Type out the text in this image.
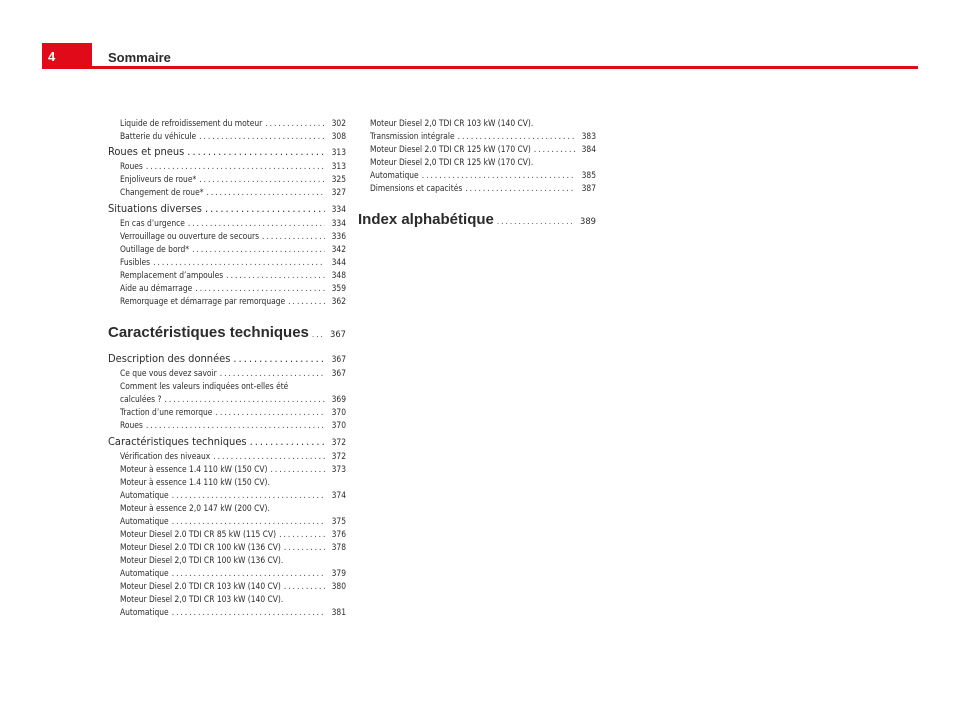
4	Sommaire
Liquide de refroidissement du moteur .....	302
Batterie du véhicule .....	308
Roues et pneus .....	313
Roues .....	313
Enjoliveurs de roue* .....	325
Changement de roue* .....	327
Situations diverses .....	334
En cas d’urgence .....	334
Verrouillage ou ouverture de secours .....	336
Outillage de bord* .....	342
Fusibles .....	344
Remplacement d’ampoules .....	348
Aide au démarrage .....	359
Remorquage et démarrage par remorquage .....	362
Caractéristiques techniques .....	367
Description des données .....	367
Ce que vous devez savoir .....	367
Comment les valeurs indiquées ont-elles été
calculées ? .....	369
Traction d’une remorque .....	370
Roues .....	370
Caractéristiques techniques .....	372
Vérification des niveaux .....	372
Moteur à essence 1.4 110 kW (150 CV) .....	373
Moteur à essence 1.4 110 kW (150 CV).
Automatique .....	374
Moteur à essence 2,0 147 kW (200 CV).
Automatique .....	375
Moteur Diesel 2.0 TDI CR 85 kW (115 CV) .....	376
Moteur Diesel 2.0 TDI CR 100 kW (136 CV) .....	378
Moteur Diesel 2,0 TDI CR 100 kW (136 CV).
Automatique .....	379
Moteur Diesel 2.0 TDI CR 103 kW (140 CV) .....	380
Moteur Diesel 2,0 TDI CR 103 kW (140 CV).
Automatique .....	381
Moteur Diesel 2,0 TDI CR 103 kW (140 CV).
Transmission intégrale .....	383
Moteur Diesel 2.0 TDI CR 125 kW (170 CV) .....	384
Moteur Diesel 2,0 TDI CR 125 kW (170 CV).
Automatique .....	385
Dimensions et capacités .....	387
Index alphabétique .....	389
